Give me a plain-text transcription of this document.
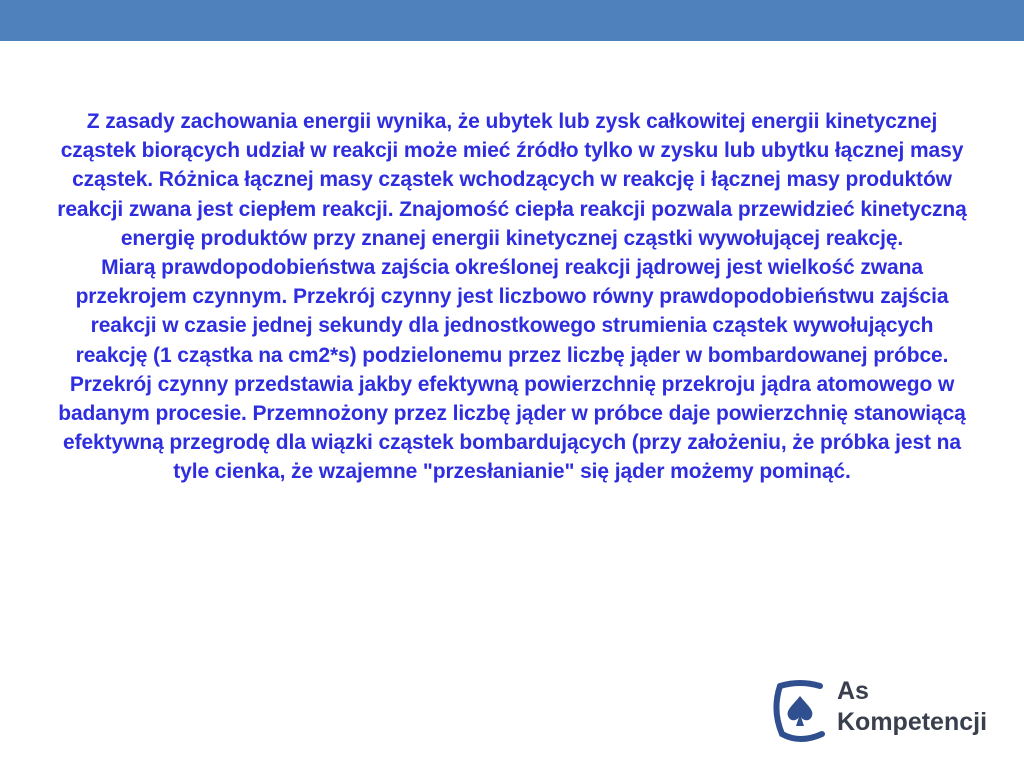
Z zasady zachowania energii wynika, że ubytek lub zysk całkowitej energii kinetycznej cząstek biorących udział w reakcji może mieć źródło tylko w zysku lub ubytku łącznej masy cząstek. Różnica łącznej masy cząstek wchodzących w reakcję i łącznej masy produktów reakcji zwana jest ciepłem reakcji. Znajomość ciepła reakcji pozwala przewidzieć kinetyczną energię produktów przy znanej energii kinetycznej cząstki wywołującej reakcję.

Miarą prawdopodobieństwa zajścia określonej reakcji jądrowej jest wielkość zwana przekrojem czynnym. Przekrój czynny jest liczbowo równy prawdopodobieństwu zajścia reakcji w czasie jednej sekundy dla jednostkowego strumienia cząstek wywołujących reakcję (1 cząstka na cm2*s) podzielonemu przez liczbę jąder w bombardowanej próbce. Przekrój czynny przedstawia jakby efektywną powierzchnię przekroju jądra atomowego w badanym procesie. Przemnożony przez liczbę jąder w próbce daje powierzchnię stanowiącą efektywną przegrodę dla wiązki cząstek bombardujących (przy założeniu, że próbka jest na tyle cienka, że wzajemne "przesłanianie" się jąder możemy pominąć.

As
Kompetencji
